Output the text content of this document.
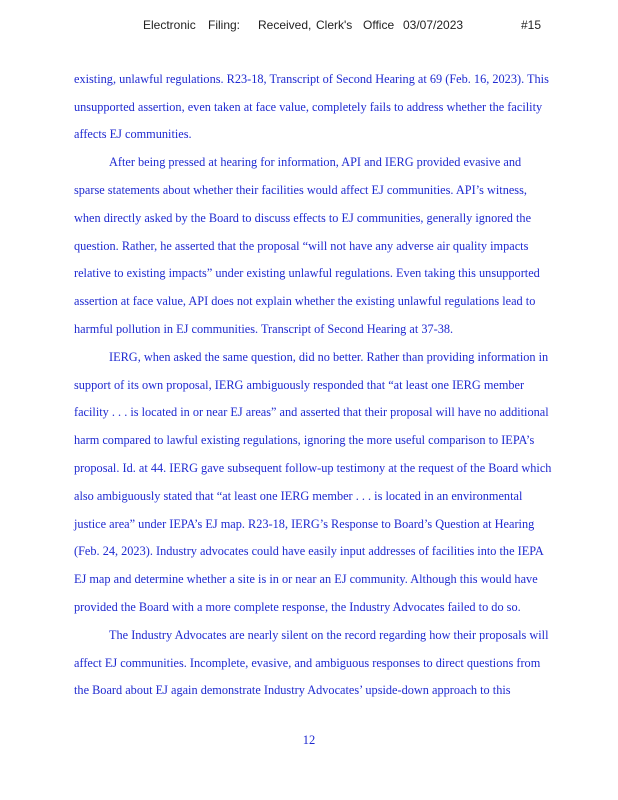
Electronic Filing: Received, Clerk's Office 03/07/2023	#15
existing, unlawful regulations. R23-18, Transcript of Second Hearing at 69 (Feb. 16, 2023). This
unsupported assertion, even taken at face value, completely fails to address whether the facility
affects EJ communities.
After being pressed at hearing for information, API and IERG provided evasive and
sparse statements about whether their facilities would affect EJ communities. API’s witness,
when directly asked by the Board to discuss effects to EJ communities, generally ignored the
question. Rather, he asserted that the proposal “will not have any adverse air quality impacts
relative to existing impacts” under existing unlawful regulations. Even taking this unsupported
assertion at face value, API does not explain whether the existing unlawful regulations lead to
harmful pollution in EJ communities. Transcript of Second Hearing at 37-38.
IERG, when asked the same question, did no better. Rather than providing information in
support of its own proposal, IERG ambiguously responded that “at least one IERG member
facility . . . is located in or near EJ areas” and asserted that their proposal will have no additional
harm compared to lawful existing regulations, ignoring the more useful comparison to IEPA’s
proposal. Id. at 44. IERG gave subsequent follow-up testimony at the request of the Board which
also ambiguously stated that “at least one IERG member . . . is located in an environmental
justice area” under IEPA’s EJ map. R23-18, IERG’s Response to Board’s Question at Hearing
(Feb. 24, 2023). Industry advocates could have easily input addresses of facilities into the IEPA
EJ map and determine whether a site is in or near an EJ community. Although this would have
provided the Board with a more complete response, the Industry Advocates failed to do so.
The Industry Advocates are nearly silent on the record regarding how their proposals will
affect EJ communities. Incomplete, evasive, and ambiguous responses to direct questions from
the Board about EJ again demonstrate Industry Advocates’ upside-down approach to this
12
